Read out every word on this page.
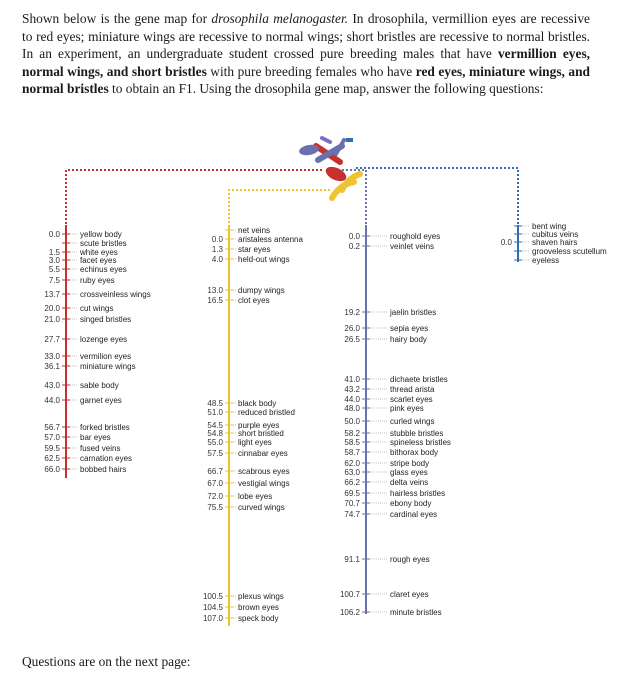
Shown below is the gene map for drosophila melanogaster. In drosophila, vermillion eyes are recessive to red eyes; miniature wings are recessive to normal wings; short bristles are recessive to normal bristles. In an experiment, an undergraduate student crossed pure breeding males that have vermillion eyes, normal wings, and short bristles with pure breeding females who have red eyes, miniature wings, and normal bristles to obtain an F1. Using the drosophila gene map, answer the following questions:

0.0	yellow body
scute bristles
1.5	white eyes
3.0	facet eyes
5.5	echinus eyes
7.5	ruby eyes
13.7	crossveinless wings
20.0	cut wings
21.0	singed bristles
27.7	lozenge eyes
33.0	vermilion eyes
36.1	miniature wings
43.0	sable body
44.0	garnet eyes
56.7	forked bristles
57.0	bar eyes
59.5	fused veins
62.5	carnation eyes
66.0	bobbed hairs
net veins
0.0 aristaless antenna
1.3 star eyes
4.0 held-out wings
13.0 dumpy wings
16.5 clot eyes
48.5 black body
51.0 reduced bristled
54.5 purple eyes
54.8 short bristled
55.0 light eyes
57.5 cinnabar eyes
66.7 scabrous eyes
67.0 vestigial wings
72.0 lobe eyes
75.5 curved wings
100.5 plexus wings
104.5 brown eyes
107.0 speck body
0.0	roughold eyes
0.2	veinlet veins
19.2	jaelin bristles
26.0	sepia eyes
26.5	hairy body
41.0	dichaete bristles
43.2	thread arista
44.0	scarlet eyes
48.0	pink eyes
50.0	curled wings
58.2	stubble bristles
58.5	spineless bristles
58.7	bithorax body
62.0	stripe body
63.0	glass eyes
66.2	delta veins
69.5	hairless bristles
70.7	ebony body
74.7	cardinal eyes
91.1	rough eyes
100.7	claret eyes
106.2	minute bristles
bent wing
cubitus veins
0.0	shaven hairs
grooveless scutellum
eyeless

Questions are on the next page:
